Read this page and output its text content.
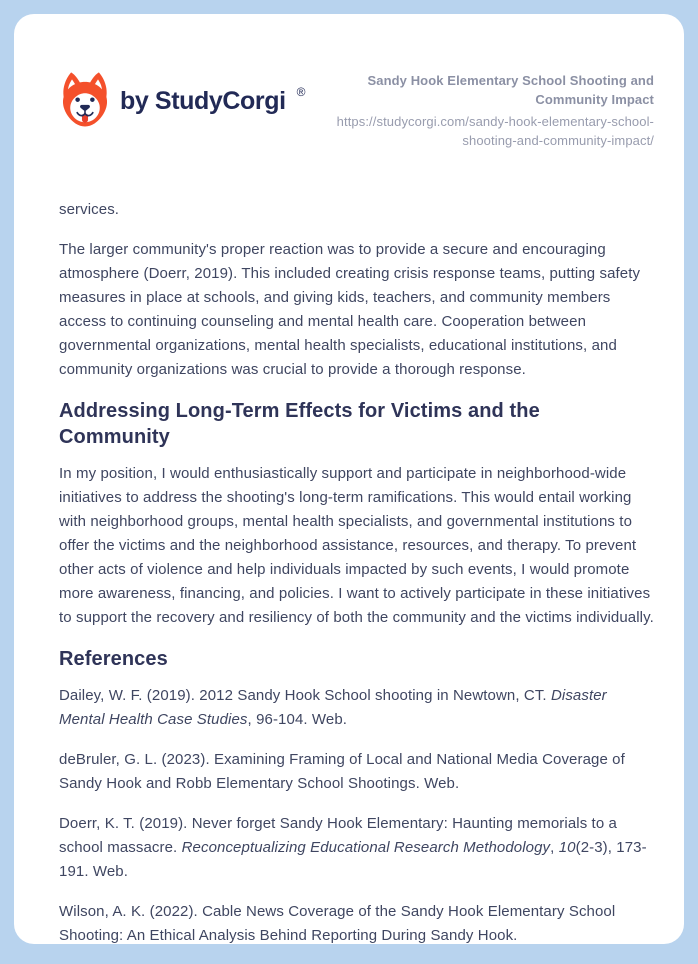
by StudyCorgi ®
Sandy Hook Elementary School Shooting and Community Impact
https://studycorgi.com/sandy-hook-elementary-school-shooting-and-community-impact/

services.

The larger community's proper reaction was to provide a secure and encouraging atmosphere (Doerr, 2019). This included creating crisis response teams, putting safety measures in place at schools, and giving kids, teachers, and community members access to continuing counseling and mental health care. Cooperation between governmental organizations, mental health specialists, educational institutions, and community organizations was crucial to provide a thorough response.

Addressing Long-Term Effects for Victims and the Community

In my position, I would enthusiastically support and participate in neighborhood-wide initiatives to address the shooting's long-term ramifications. This would entail working with neighborhood groups, mental health specialists, and governmental institutions to offer the victims and the neighborhood assistance, resources, and therapy. To prevent other acts of violence and help individuals impacted by such events, I would promote more awareness, financing, and policies. I want to actively participate in these initiatives to support the recovery and resiliency of both the community and the victims individually.

References

Dailey, W. F. (2019). 2012 Sandy Hook School shooting in Newtown, CT. Disaster Mental Health Case Studies, 96-104. Web.

deBruler, G. L. (2023). Examining Framing of Local and National Media Coverage of Sandy Hook and Robb Elementary School Shootings. Web.

Doerr, K. T. (2019). Never forget Sandy Hook Elementary: Haunting memorials to a school massacre. Reconceptualizing Educational Research Methodology, 10(2-3), 173-191. Web.

Wilson, A. K. (2022). Cable News Coverage of the Sandy Hook Elementary School Shooting: An Ethical Analysis Behind Reporting During Sandy Hook.
